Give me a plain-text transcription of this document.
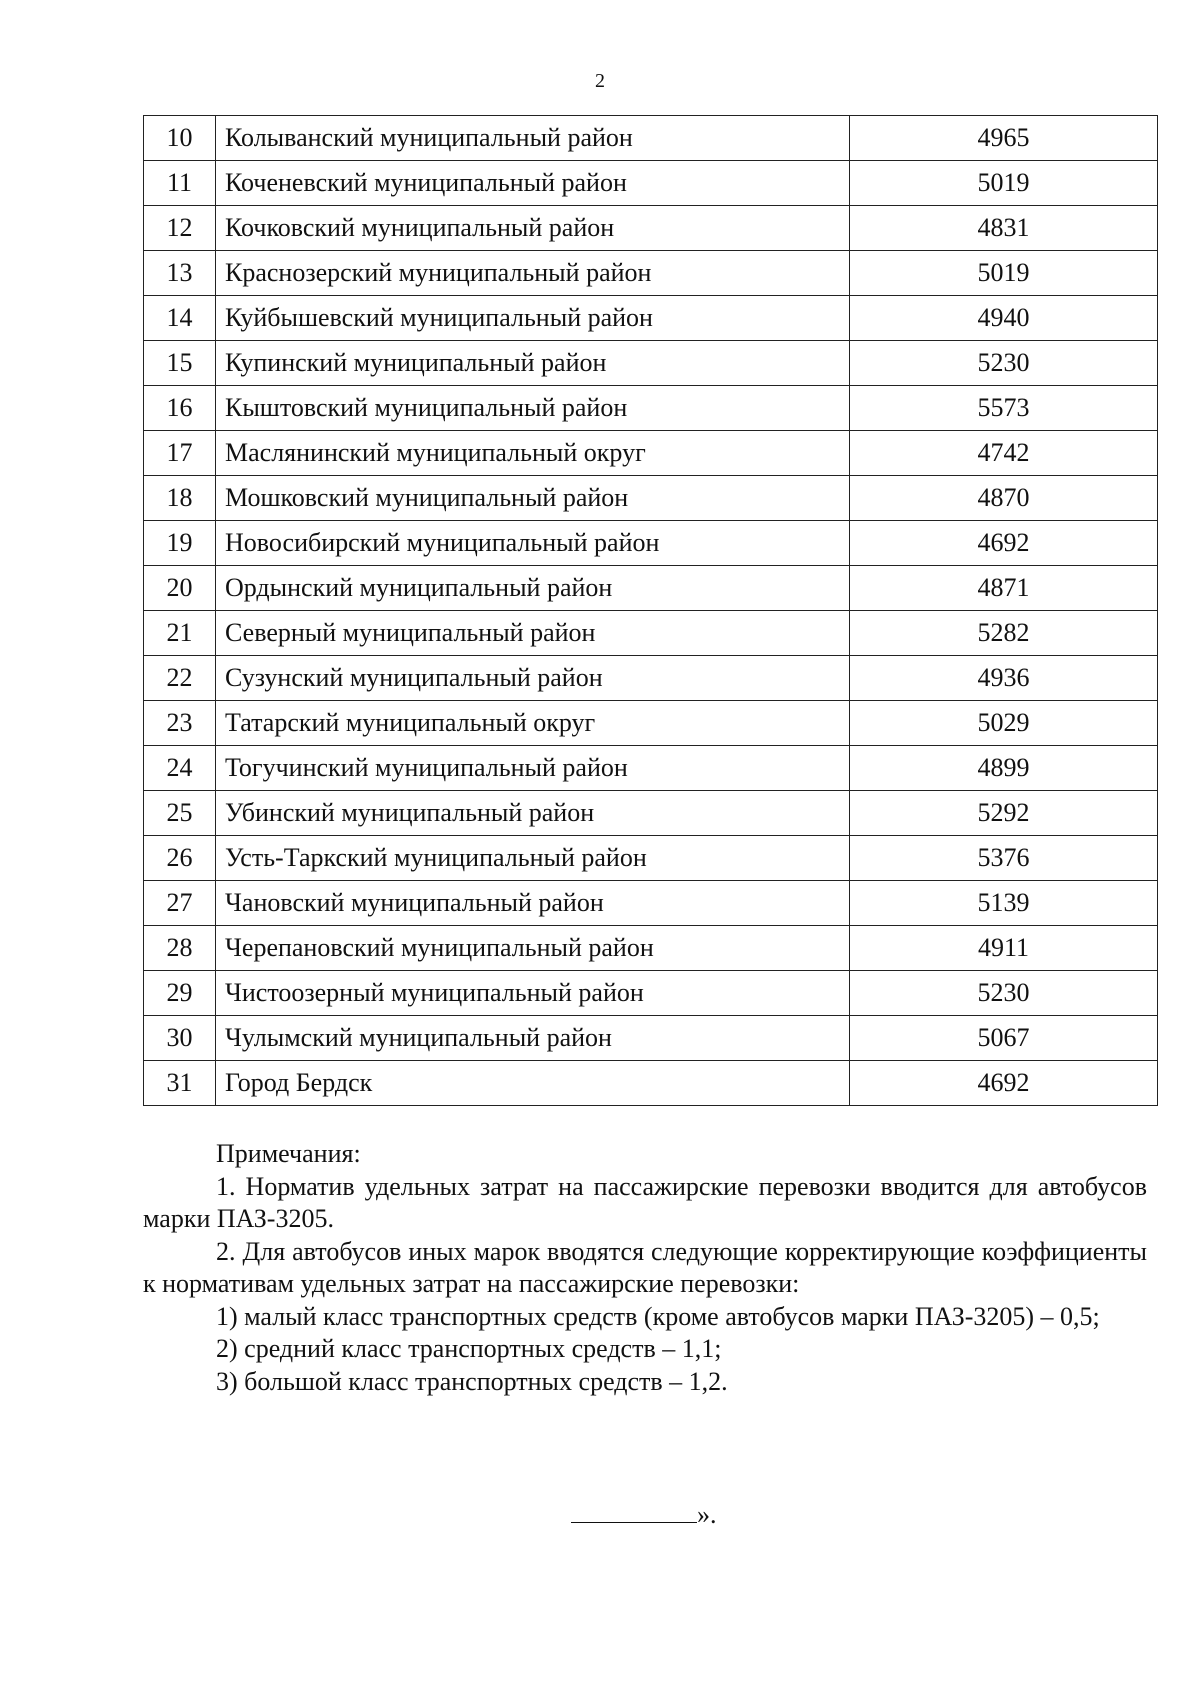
2
10	Колыванский муниципальный район	4965
11	Коченевский муниципальный район	5019
12	Кочковский муниципальный район	4831
13	Краснозерский муниципальный район	5019
14	Куйбышевский муниципальный район	4940
15	Купинский муниципальный район	5230
16	Кыштовский муниципальный район	5573
17	Маслянинский муниципальный округ	4742
18	Мошковский муниципальный район	4870
19	Новосибирский муниципальный район	4692
20	Ордынский муниципальный район	4871
21	Северный муниципальный район	5282
22	Сузунский муниципальный район	4936
23	Татарский муниципальный округ	5029
24	Тогучинский муниципальный район	4899
25	Убинский муниципальный район	5292
26	Усть-Таркский муниципальный район	5376
27	Чановский муниципальный район	5139
28	Черепановский муниципальный район	4911
29	Чистоозерный муниципальный район	5230
30	Чулымский муниципальный район	5067
31	Город Бердск	4692

Примечания:

1. Норматив удельных затрат на пассажирские перевозки вводится для автобусов марки ПАЗ-3205.

2. Для автобусов иных марок вводятся следующие корректирующие коэффициенты к нормативам удельных затрат на пассажирские перевозки:

1) малый класс транспортных средств (кроме автобусов марки ПАЗ-3205) – 0,5;

2) средний класс транспортных средств – 1,1;

3) большой класс транспортных средств – 1,2.

».
